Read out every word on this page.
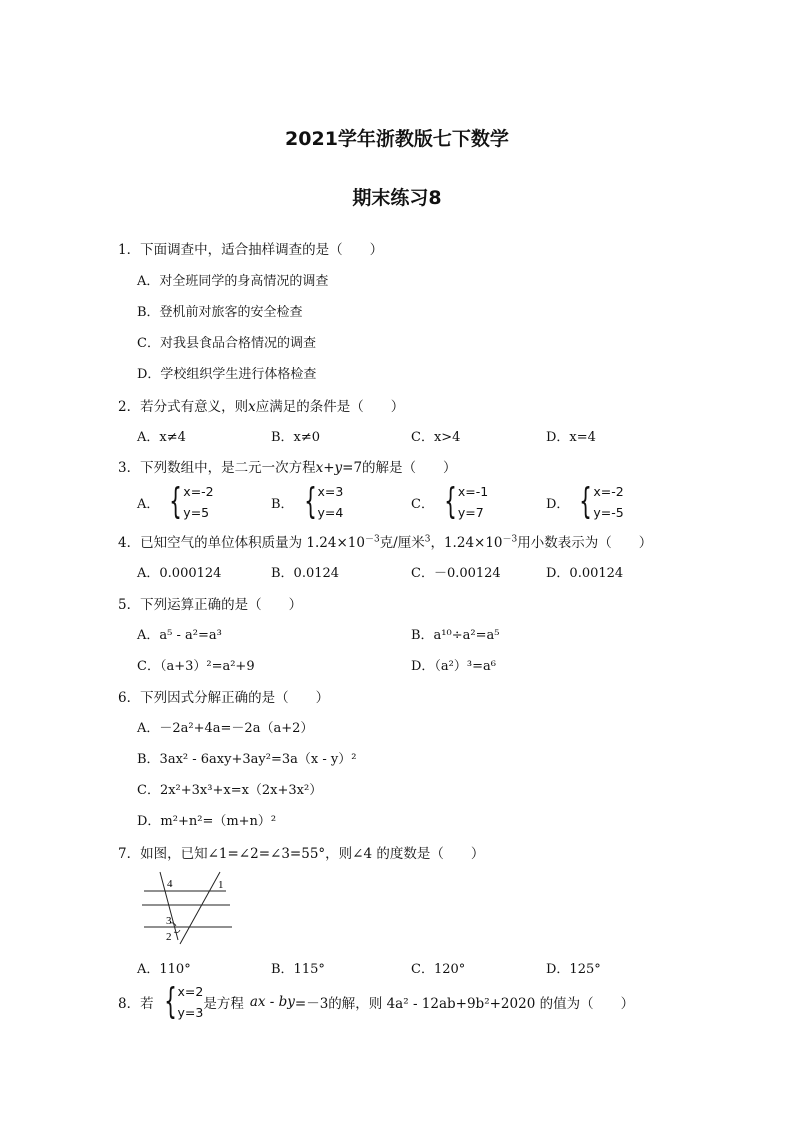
2021学年浙教版七下数学
期末练习8
1．下面调查中，适合抽样调查的是（　　）
A．对全班同学的身高情况的调查
B．登机前对旅客的安全检查
C．对我县食品合格情况的调查
D．学校组织学生进行体格检查
2．若分式有意义，则x应满足的条件是（　　）
A．x≠4	B．x≠0	C．x>4	D．x=4
3．下列数组中，是二元一次方程x+y=7的解是（　　）
A． { x=-2
y=5
B． { x=3
y=4
C． { x=-1
y=7
D． { x=-2
y=-5
4．已知空气的单位体积质量为 $1.24\times 10^{-3}$克/厘米$^3$，$1.24\times 10^{-3}$用小数表示为（　　）
A．0.000124	B．0.0124	C．－0.00124	D．0.00124
5．下列运算正确的是（　　）
A．a⁵ - a²=a³	B．a¹⁰÷a²=a⁵
C．（a+3）²=a²+9	D．（a²）³=a⁶
6．下列因式分解正确的是（　　）
A．－2a²+4a=－2a（a+2）
B．3ax² - 6axy+3ay²=3a（x - y）²
C．2x²+3x³+x=x（2x+3x²）
D．m²+n²=（m+n）²
7．如图，已知∠1=∠2=∠3=55°，则∠4 的度数是（　　）
4	1
3
2
A．110°	B．115°	C．120°	D．125°
8．若 { x=2
y=3
是方程 ax - by =－3的解，则 4a² - 12ab+9b²+2020 的值为（　　）
